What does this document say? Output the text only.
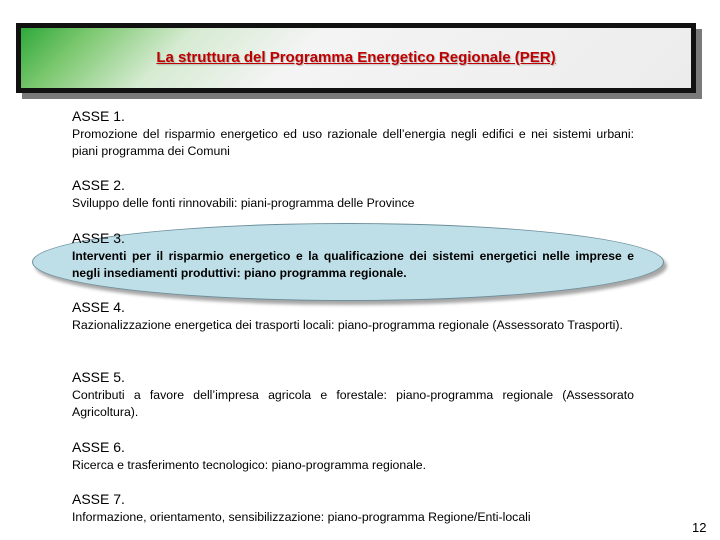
La struttura del Programma Energetico Regionale (PER)
ASSE 1.
Promozione del risparmio energetico ed uso razionale dell’energia negli edifici e nei sistemi urbani: piani programma dei Comuni
ASSE 2.
Sviluppo delle fonti rinnovabili: piani-programma delle Province
ASSE 3.
Interventi per il risparmio energetico e la qualificazione dei sistemi energetici nelle imprese e negli insediamenti produttivi: piano programma regionale.
ASSE 4.
Razionalizzazione energetica dei trasporti locali: piano-programma regionale (Assessorato Trasporti).
ASSE 5.
Contributi a favore dell’impresa agricola e forestale: piano-programma regionale (Assessorato Agricoltura).
ASSE 6.
Ricerca e trasferimento tecnologico: piano-programma regionale.
ASSE 7.
Informazione, orientamento, sensibilizzazione: piano-programma Regione/Enti-locali
12
